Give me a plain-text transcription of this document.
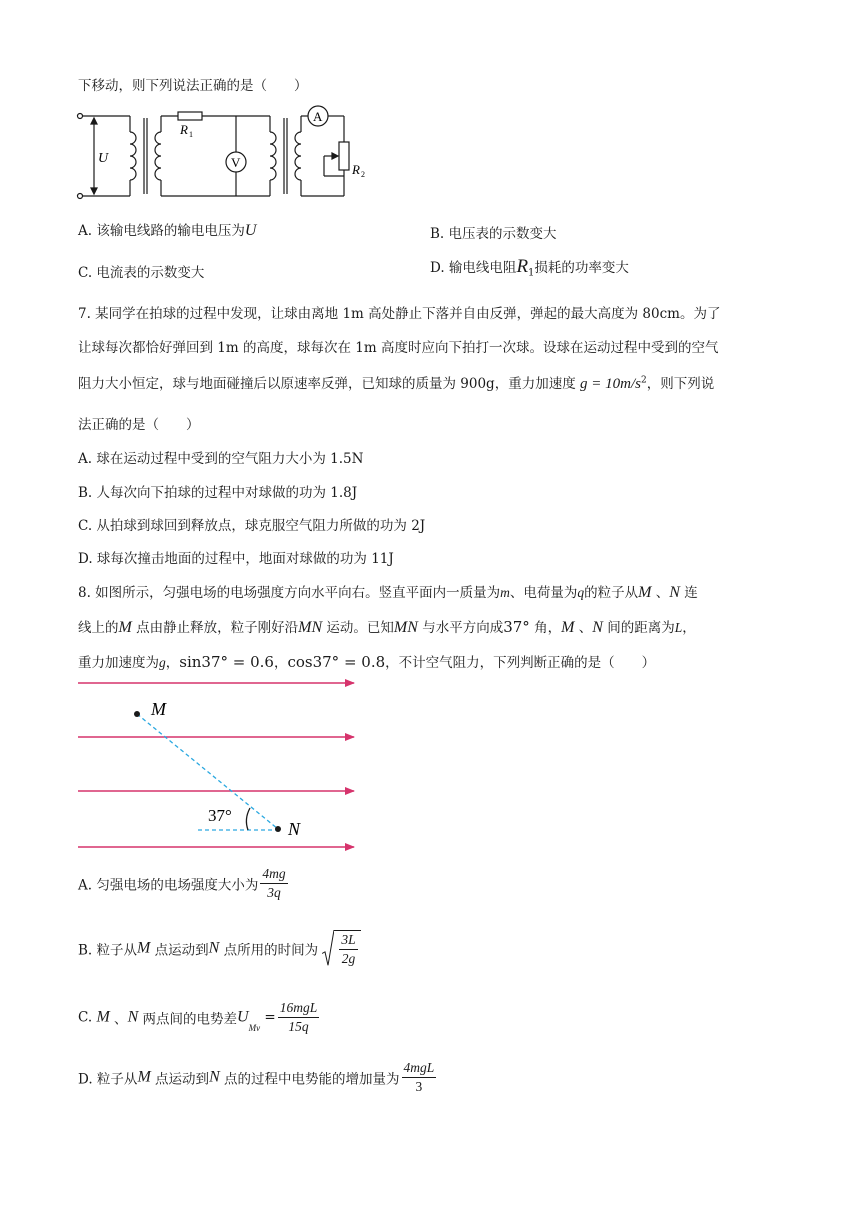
下移动，则下列说法正确的是（　　）
U
R 1
V
A
R 2
A. 该输电线路的输电电压为U	B. 电压表的示数变大
C. 电流表的示数变大	D. 输电线电阻$R_1$损耗的功率变大
7. 某同学在拍球的过程中发现，让球由离地 1m 高处静止下落并自由反弹，弹起的最大高度为 80cm。为了
让球每次都恰好弹回到 1m 的高度，球每次在 1m 高度时应向下拍打一次球。设球在运动过程中受到的空气
阻力大小恒定，球与地面碰撞后以原速率反弹，已知球的质量为 900g，重力加速度 $g = 10m/s^2$，则下列说
法正确的是（　　）
A. 球在运动过程中受到的空气阻力大小为 1.5N
B. 人每次向下拍球的过程中对球做的功为 1.8J
C. 从拍球到球回到释放点，球克服空气阻力所做的功为 2J
D. 球每次撞击地面的过程中，地面对球做的功为 11J
8. 如图所示，匀强电场的电场强度方向水平向右。竖直平面内一质量为m、电荷量为q的粒子从M 、N 连
线上的M 点由静止释放，粒子刚好沿MN 运动。已知MN 与水平方向成37° 角，M 、N 间的距离为L，
重力加速度为g，sin37° = 0.6，cos37° = 0.8，不计空气阻力，下列判断正确的是（　　）
M
N
37°
A. 匀强电场的电场强度大小为 $\frac{4mg}{3q}$
B. 粒子从M 点运动到N 点所用的时间为 $\frac{3L}{2g}$
C. M 、N 两点间的电势差$U_{Mv} = \frac{\text{16mgL}}{15q}$
D. 粒子从M 点运动到N 点的过程中电势能的增加量为 $\frac{\text{4mgL}}{3}$
